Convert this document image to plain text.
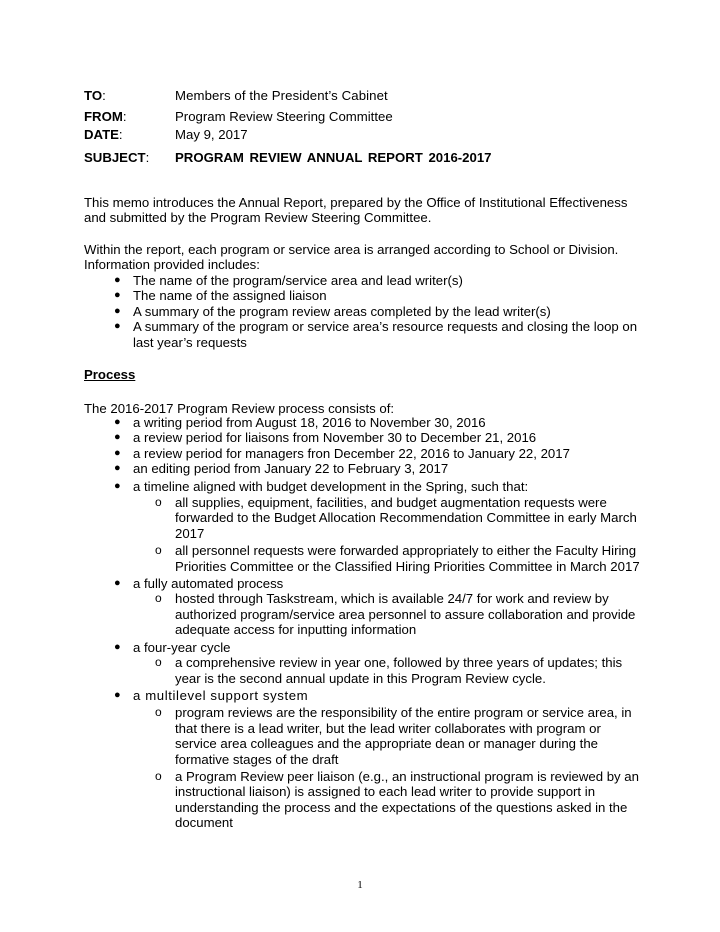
TO:	Members of the President’s Cabinet
FROM:	Program Review Steering Committee
DATE:	May 9, 2017
SUBJECT: PROGRAM REVIEW ANNUAL REPORT 2016-2017
This memo introduces the Annual Report, prepared by the Office of Institutional Effectiveness and submitted by the Program Review Steering Committee.
Within the report, each program or service area is arranged according to School or Division. Information provided includes:
● The name of the program/service area and lead writer(s)
● The name of the assigned liaison
● A summary of the program review areas completed by the lead writer(s)
● A summary of the program or service area’s resource requests and closing the loop on last year’s requests
Process
The 2016-2017 Program Review process consists of:
● a writing period from August 18, 2016 to November 30, 2016
● a review period for liaisons from November 30 to December 21, 2016
● a review period for managers fron December 22, 2016 to January 22, 2017
● an editing period from January 22 to February 3, 2017
● a timeline aligned with budget development in the Spring, such that:
o all supplies, equipment, facilities, and budget augmentation requests were forwarded to the Budget Allocation Recommendation Committee in early March 2017
o all personnel requests were forwarded appropriately to either the Faculty Hiring Priorities Committee or the Classified Hiring Priorities Committee in March 2017
● a fully automated process
o hosted through Taskstream, which is available 24/7 for work and review by authorized program/service area personnel to assure collaboration and provide adequate access for inputting information
● a four-year cycle
o a comprehensive review in year one, followed by three years of updates; this year is the second annual update in this Program Review cycle.
● a multilevel support system
o program reviews are the responsibility of the entire program or service area, in that there is a lead writer, but the lead writer collaborates with program or service area colleagues and the appropriate dean or manager during the formative stages of the draft
o a Program Review peer liaison (e.g., an instructional program is reviewed by an instructional liaison) is assigned to each lead writer to provide support in understanding the process and the expectations of the questions asked in the document
1
